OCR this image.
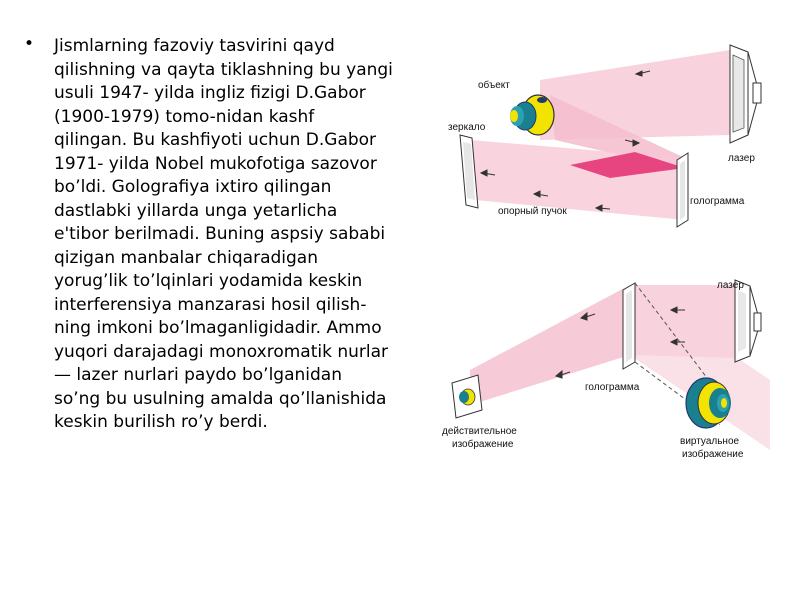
• Jismlarning fazoviy tasvirini qayd
qilishning va qayta tiklashning bu yangi
usuli 1947- yilda ingliz fizigi D.Gabor
(1900-1979) tomo-nidan kashf
qilingan. Bu kashfiyoti uchun D.Gabor
1971- yilda Nobel mukofotiga sazovor
bo’ldi. Golografiya ixtiro qilingan
dastlabki yillarda unga yetarlicha
e'tibor berilmadi. Buning aspsiy sababi
qizigan manbalar chiqaradigan
yorug’lik to’lqinlari yodamida keskin
interferensiya manzarasi hosil qilish-
ning imkoni bo’lmaganligidadir. Ammo
yuqori darajadagi monoxromatik nurlar
— lazer nurlari paydo bo’lganidan
so’ng bu usulning amalda qo’llanishida
keskin burilish ro’y berdi.
объект
зеркало
лазер
опорный пучок
голограмма
лазер
голограмма
действительное
изображение	виртуальное
изображение
